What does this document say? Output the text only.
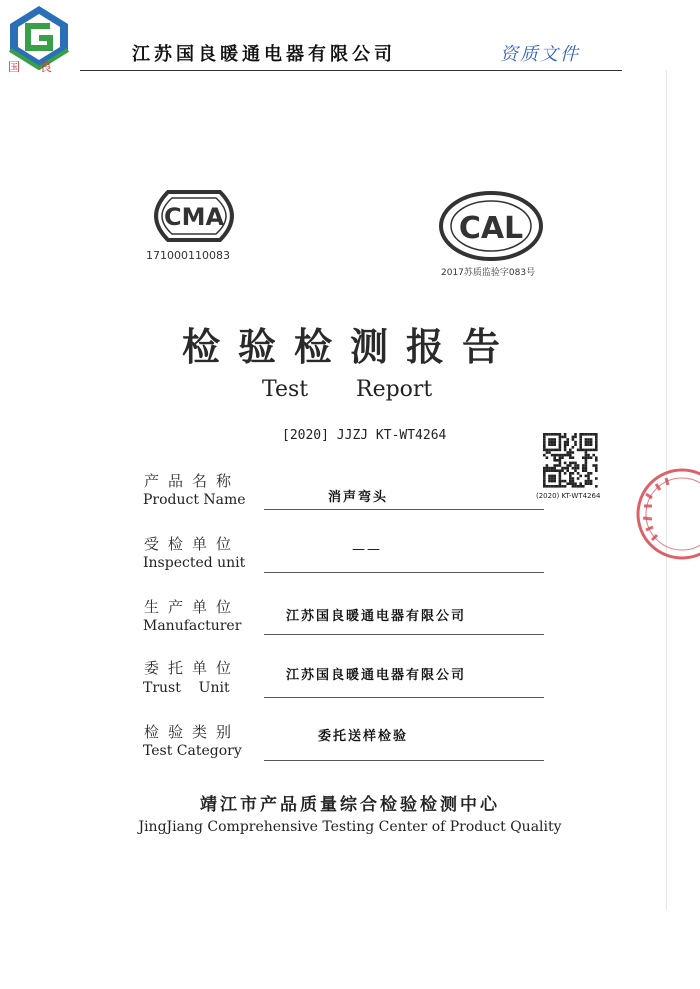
国良
江苏国良暖通电器有限公司	资质文件
CMA
171000110083
CAL
2017苏质监验字083号
检验检测报告
Test Report
[2020] JJZJ KT-WT4264
(2020) KT-WT4264
产品名称
Product Name	消声弯头
受检单位
Inspected unit
——
生产单位
Manufacturer
江苏国良暖通电器有限公司
委托单位
Trust    Unit
江苏国良暖通电器有限公司
检验类别
Test Category
委托送样检验
靖江市产品质量综合检验检测中心
JingJiang Comprehensive Testing Center of Product Quality
